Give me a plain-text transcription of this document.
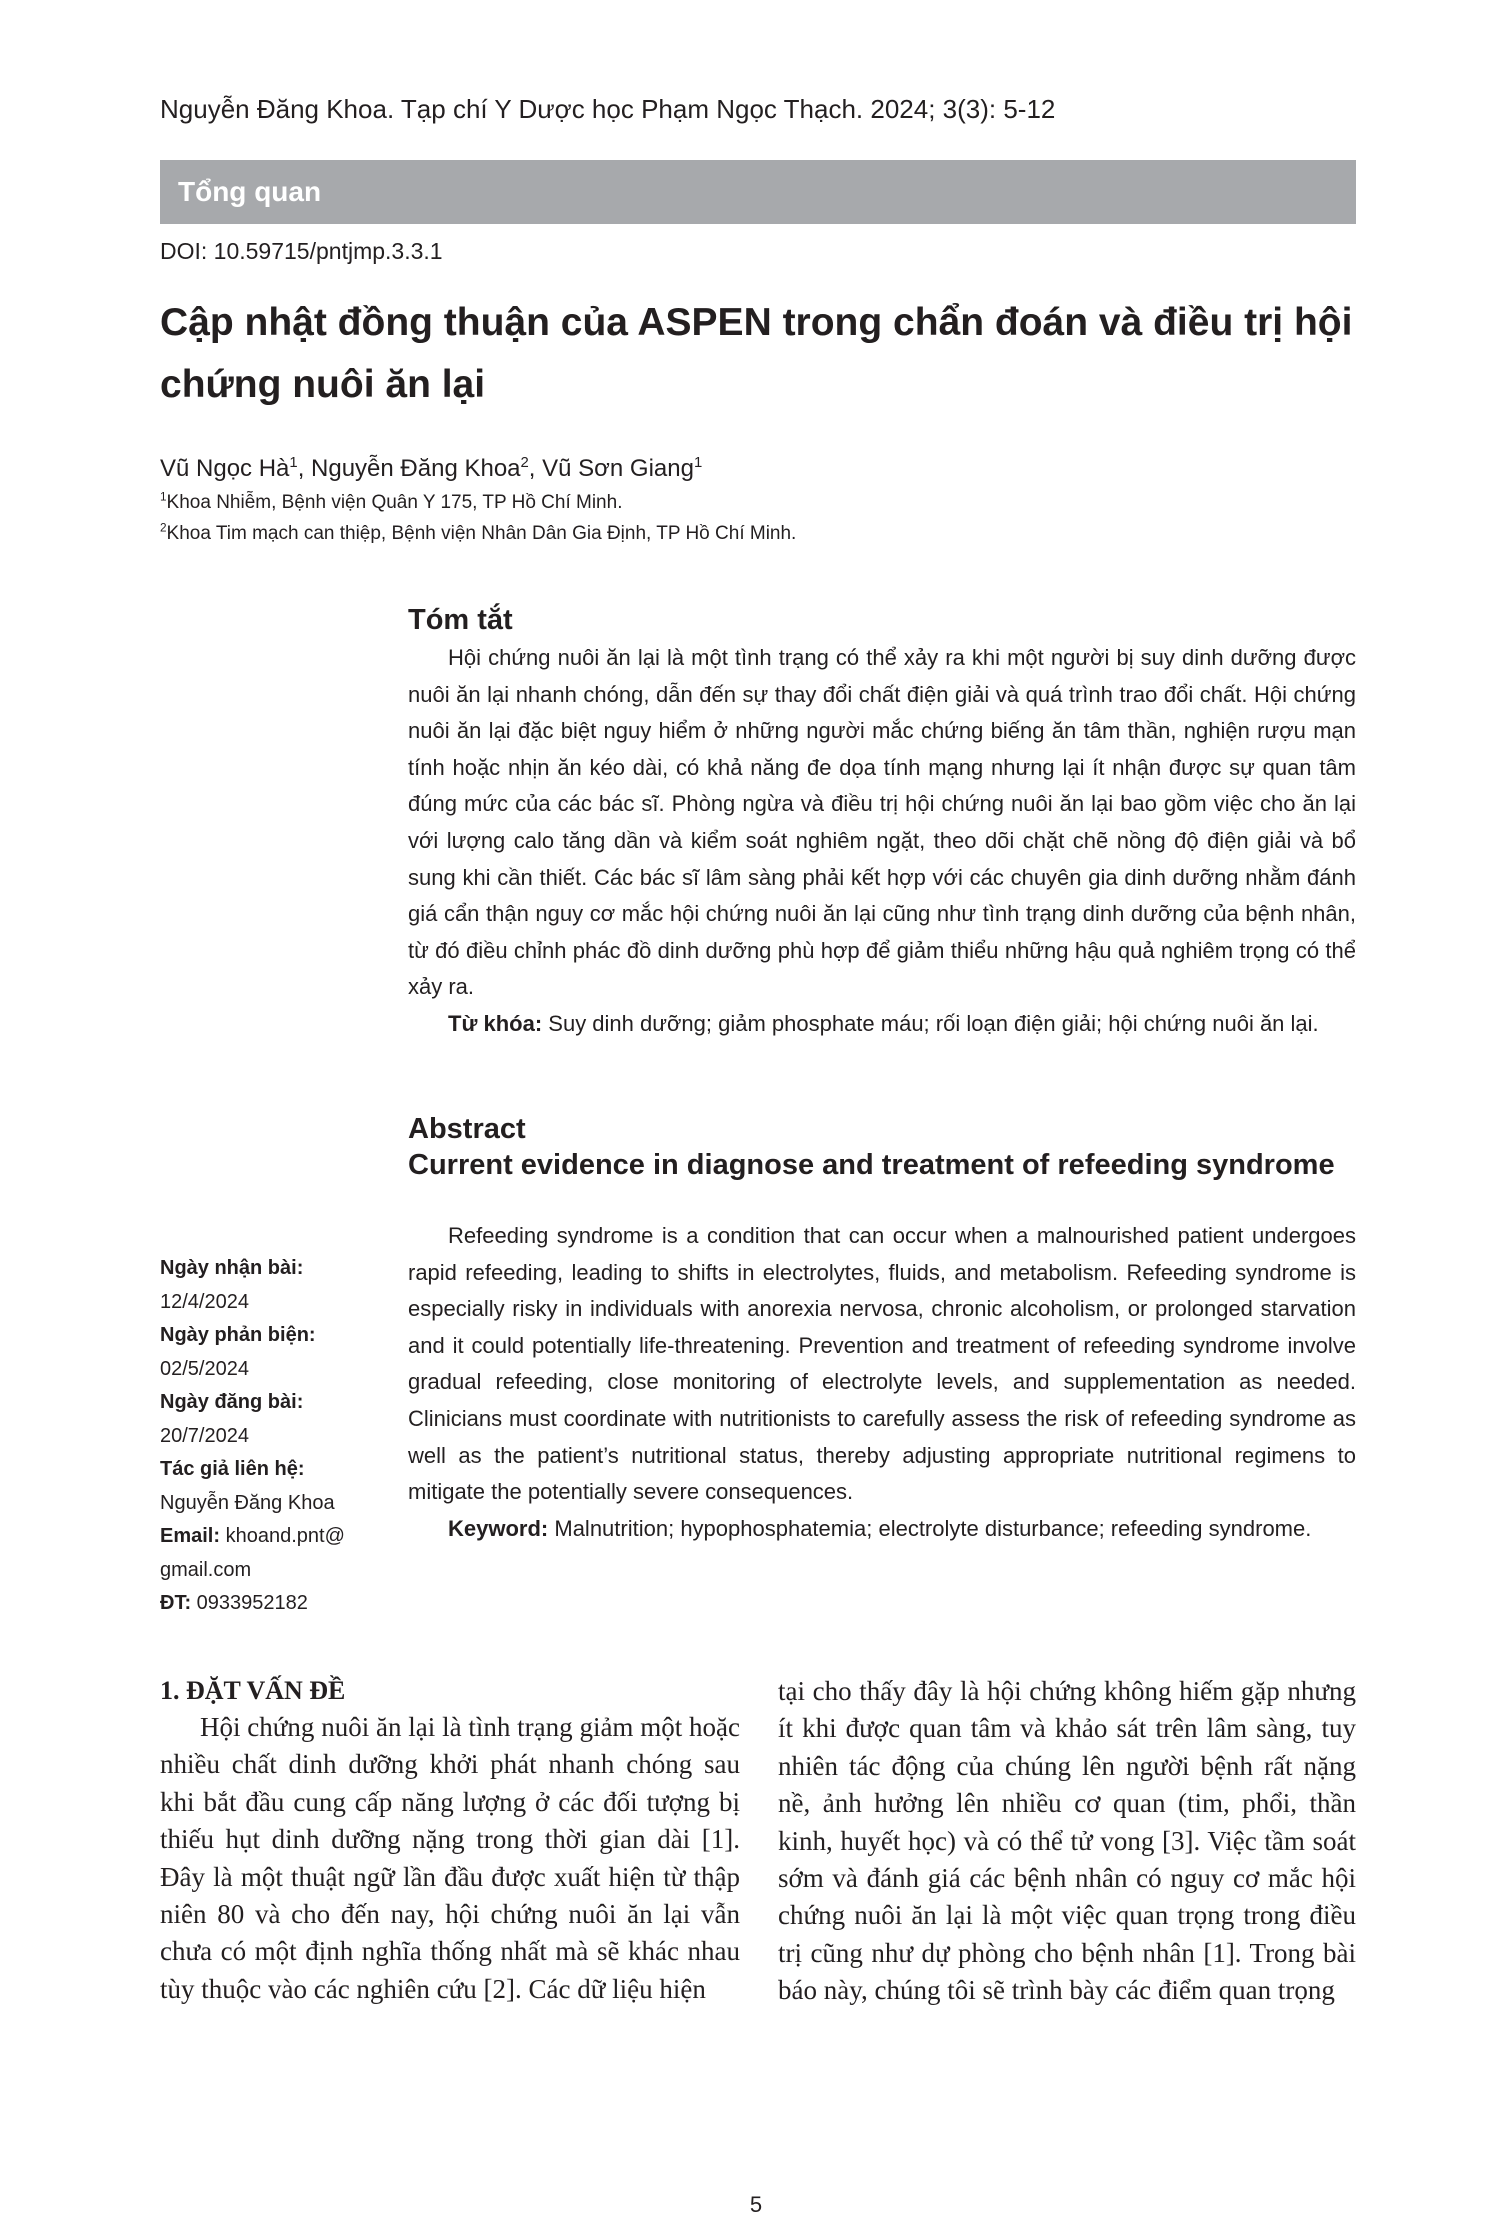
Nguyễn Đăng Khoa. Tạp chí Y Dược học Phạm Ngọc Thạch. 2024; 3(3): 5-12
Tổng quan
DOI: 10.59715/pntjmp.3.3.1
Cập nhật đồng thuận của ASPEN trong chẩn đoán và điều trị hội chứng nuôi ăn lại
Vũ Ngọc $Hà^1$, Nguyễn Đăng Khoa$^2$, Vũ Sơn Giang$^1$
$^1$Khoa Nhiễm, Bệnh viện Quân Y 175, TP Hồ Chí Minh.
$^2$Khoa Tim mạch can thiệp, Bệnh viện Nhân Dân Gia Định, TP Hồ Chí Minh.
Tóm tắt

Hội chứng nuôi ăn lại là một tình trạng có thể xảy ra khi một người bị suy dinh dưỡng được nuôi ăn lại nhanh chóng, dẫn đến sự thay đổi chất điện giải và quá trình trao đổi chất. Hội chứng nuôi ăn lại đặc biệt nguy hiểm ở những người mắc chứng biếng ăn tâm thần, nghiện rượu mạn tính hoặc nhịn ăn kéo dài, có khả năng đe dọa tính mạng nhưng lại ít nhận được sự quan tâm đúng mức của các bác sĩ. Phòng ngừa và điều trị hội chứng nuôi ăn lại bao gồm việc cho ăn lại với lượng calo tăng dần và kiểm soát nghiêm ngặt, theo dõi chặt chẽ nồng độ điện giải và bổ sung khi cần thiết. Các bác sĩ lâm sàng phải kết hợp với các chuyên gia dinh dưỡng nhằm đánh giá cẩn thận nguy cơ mắc hội chứng nuôi ăn lại cũng như tình trạng dinh dưỡng của bệnh nhân, từ đó điều chỉnh phác đồ dinh dưỡng phù hợp để giảm thiểu những hậu quả nghiêm trọng có thể xảy ra.

Từ khóa: Suy dinh dưỡng; giảm phosphate máu; rối loạn điện giải; hội chứng nuôi ăn lại.

Abstract
Current evidence in diagnose and treatment of refeeding syndrome

Refeeding syndrome is a condition that can occur when a malnourished patient undergoes rapid refeeding, leading to shifts in electrolytes, fluids, and metabolism. Refeeding syndrome is especially risky in individuals with anorexia nervosa, chronic alcoholism, or prolonged starvation and it could potentially life-threatening. Prevention and treatment of refeeding syndrome involve gradual refeeding, close monitoring of electrolyte levels, and supplementation as needed. Clinicians must coordinate with nutritionists to carefully assess the risk of refeeding syndrome as well as the patient’s nutritional status, thereby adjusting appropriate nutritional regimens to mitigate the potentially severe consequences.

Keyword: Malnutrition; hypophosphatemia; electrolyte disturbance; refeeding syndrome.

Ngày nhận bài:
12/4/2024
Ngày phản biện:
02/5/2024
Ngày đăng bài:
20/7/2024
Tác giả liên hệ:
Nguyễn Đăng Khoa
Email: khoand.pnt@
gmail.com
ĐT: 0933952182
1. ĐẶT VẤN ĐỀ

Hội chứng nuôi ăn lại là tình trạng giảm một hoặc nhiều chất dinh dưỡng khởi phát nhanh chóng sau khi bắt đầu cung cấp năng lượng ở các đối tượng bị thiếu hụt dinh dưỡng nặng trong thời gian dài [1]. Đây là một thuật ngữ lần đầu được xuất hiện từ thập niên 80 và cho đến nay, hội chứng nuôi ăn lại vẫn chưa có một định nghĩa thống nhất mà sẽ khác nhau tùy thuộc vào các nghiên cứu [2]. Các dữ liệu hiện

tại cho thấy đây là hội chứng không hiếm gặp nhưng ít khi được quan tâm và khảo sát trên lâm sàng, tuy nhiên tác động của chúng lên người bệnh rất nặng nề, ảnh hưởng lên nhiều cơ quan (tim, phổi, thần kinh, huyết học) và có thể tử vong [3]. Việc tầm soát sớm và đánh giá các bệnh nhân có nguy cơ mắc hội chứng nuôi ăn lại là một việc quan trọng trong điều trị cũng như dự phòng cho bệnh nhân [1]. Trong bài báo này, chúng tôi sẽ trình bày các điểm quan trọng

5
